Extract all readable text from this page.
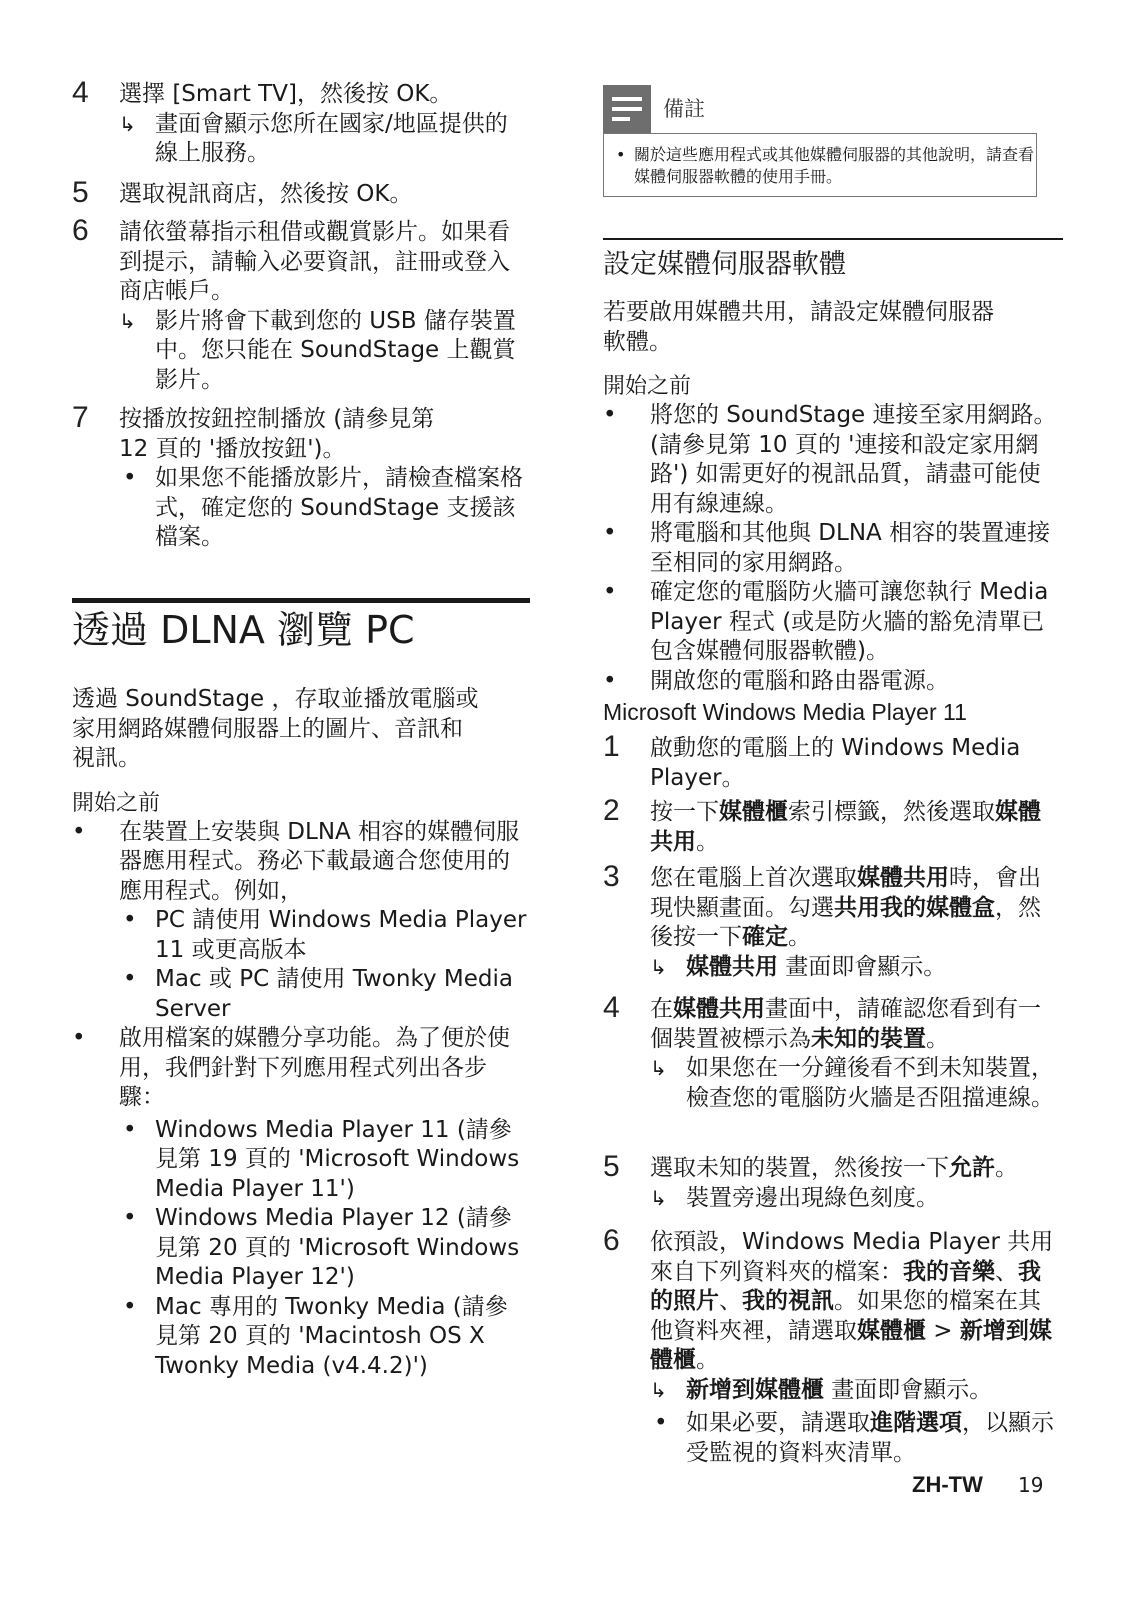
4	選擇 [Smart TV]，然後按 OK。
↳ 畫面會顯示您所在國家/地區提供的線上服務。
5	選取視訊商店，然後按 OK。
6	請依螢幕指示租借或觀賞影片。如果看到提示，請輸入必要資訊，註冊或登入商店帳戶。
↳ 影片將會下載到您的 USB 儲存裝置中。您只能在 SoundStage 上觀賞影片。
7	按播放按鈕控制播放 (請參見第 12 頁的 '播放按鈕')。
• 如果您不能播放影片，請檢查檔案格式，確定您的 SoundStage 支援該檔案。
透過 DLNA 瀏覽 PC

透過 SoundStage ，存取並播放電腦或家用網路媒體伺服器上的圖片、音訊和視訊。

開始之前

• 在裝置上安裝與 DLNA 相容的媒體伺服器應用程式。務必下載最適合您使用的應用程式。例如，
• PC 請使用 Windows Media Player 11 或更高版本
• Mac 或 PC 請使用 Twonky Media Server
• 啟用檔案的媒體分享功能。為了便於使用，我們針對下列應用程式列出各步驟：
• Windows Media Player 11 (請參見第 19 頁的 'Microsoft Windows Media Player 11')
• Windows Media Player 12 (請參見第 20 頁的 'Microsoft Windows Media Player 12')
• Mac 專用的 Twonky Media (請參見第 20 頁的 'Macintosh OS X Twonky Media (v4.4.2)')
備註
• 關於這些應用程式或其他媒體伺服器的其他說明，請查看媒體伺服器軟體的使用手冊。
設定媒體伺服器軟體

若要啟用媒體共用，請設定媒體伺服器軟體。

開始之前

• 將您的 SoundStage 連接至家用網路。(請參見第 10 頁的 '連接和設定家用網路') 如需更好的視訊品質，請盡可能使用有線連線。
• 將電腦和其他與 DLNA 相容的裝置連接至相同的家用網路。
• 確定您的電腦防火牆可讓您執行 Media Player 程式 (或是防火牆的豁免清單已包含媒體伺服器軟體)。
• 開啟您的電腦和路由器電源。

Microsoft Windows Media Player 11

1	啟動您的電腦上的 Windows Media Player。
2	按一下媒體櫃索引標籤，然後選取媒體共用。
3	您在電腦上首次選取媒體共用時，會出現快顯畫面。勾選共用我的媒體盒，然後按一下確定。
↳ 媒體共用 畫面即會顯示。
4	在媒體共用畫面中，請確認您看到有一個裝置被標示為未知的裝置。
↳ 如果您在一分鐘後看不到未知裝置，檢查您的電腦防火牆是否阻擋連線。
5	選取未知的裝置，然後按一下允許。
↳ 裝置旁邊出現綠色刻度。
6	依預設，Windows Media Player 共用來自下列資料夾的檔案：我的音樂、我的照片、我的視訊。如果您的檔案在其他資料夾裡，請選取媒體櫃 > 新增到媒體櫃。
↳ 新增到媒體櫃 畫面即會顯示。
• 如果必要，請選取進階選項，以顯示受監視的資料夾清單。
ZH-TW 19
